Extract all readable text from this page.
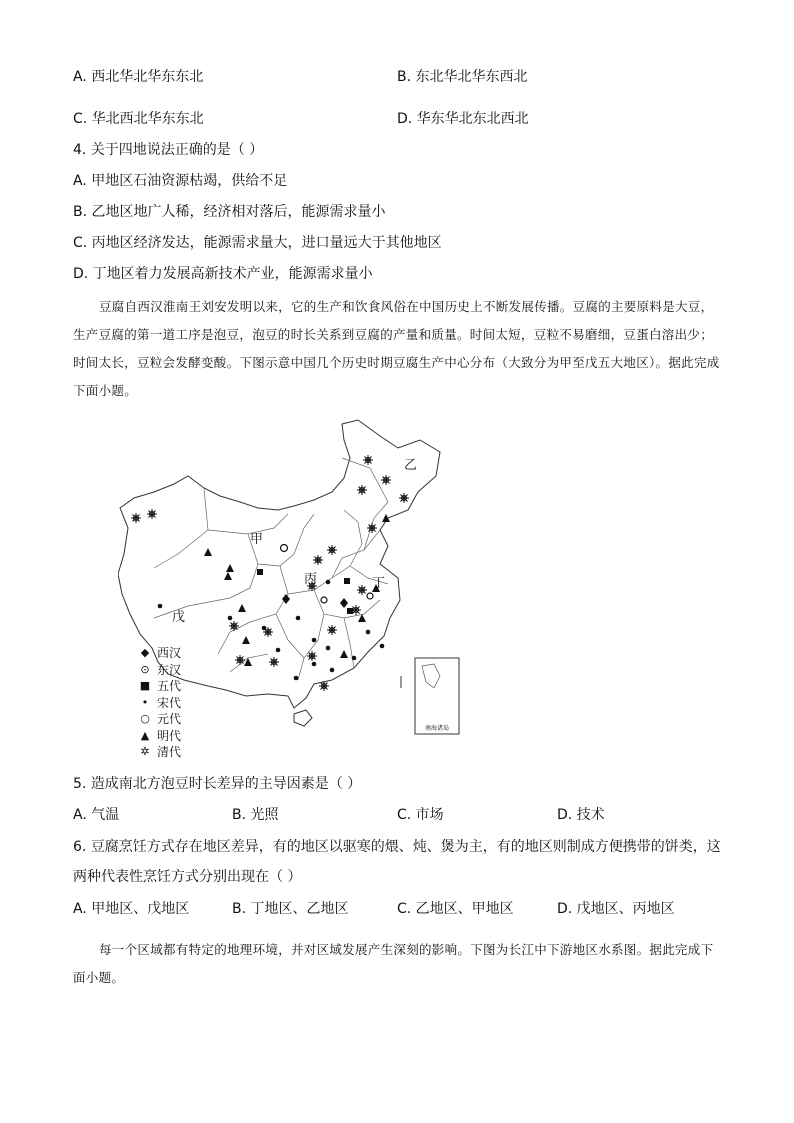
A. 西北华北华东东北	B. 东北华北华东西北
C. 华北西北华东东北	D. 华东华北东北西北
4. 关于四地说法正确的是（ ）
A. 甲地区石油资源枯竭，供给不足
B. 乙地区地广人稀，经济相对落后，能源需求量小
C. 丙地区经济发达，能源需求量大，进口量远大于其他地区
D. 丁地区着力发展高新技术产业，能源需求量小
豆腐自西汉淮南王刘安发明以来，它的生产和饮食风俗在中国历史上不断发展传播。豆腐的主要原料是大豆，生产豆腐的第一道工序是泡豆，泡豆的时长关系到豆腐的产量和质量。时间太短，豆粒不易磨细，豆蛋白溶出少；时间太长，豆粒会发酵变酸。下图示意中国几个历史时期豆腐生产中心分布（大致分为甲至戊五大地区）。据此完成下面小题。
南海诸岛
乙
甲
丙	丁
戊
◆ 西汉
⊙ 东汉
■ 五代
• 宋代
○ 元代
▲ 明代
✲ 清代
5. 造成南北方泡豆时长差异的主导因素是（ ）
A. 气温	B. 光照	C. 市场	D. 技术
6. 豆腐烹饪方式存在地区差异，有的地区以驱寒的煨、炖、煲为主，有的地区则制成方便携带的饼类，这
两种代表性烹饪方式分别出现在（ ）
A. 甲地区、戊地区	B. 丁地区、乙地区	C. 乙地区、甲地区	D. 戊地区、丙地区
每一个区域都有特定的地理环境，并对区域发展产生深刻的影响。下图为长江中下游地区水系图。据此完成下面小题。
